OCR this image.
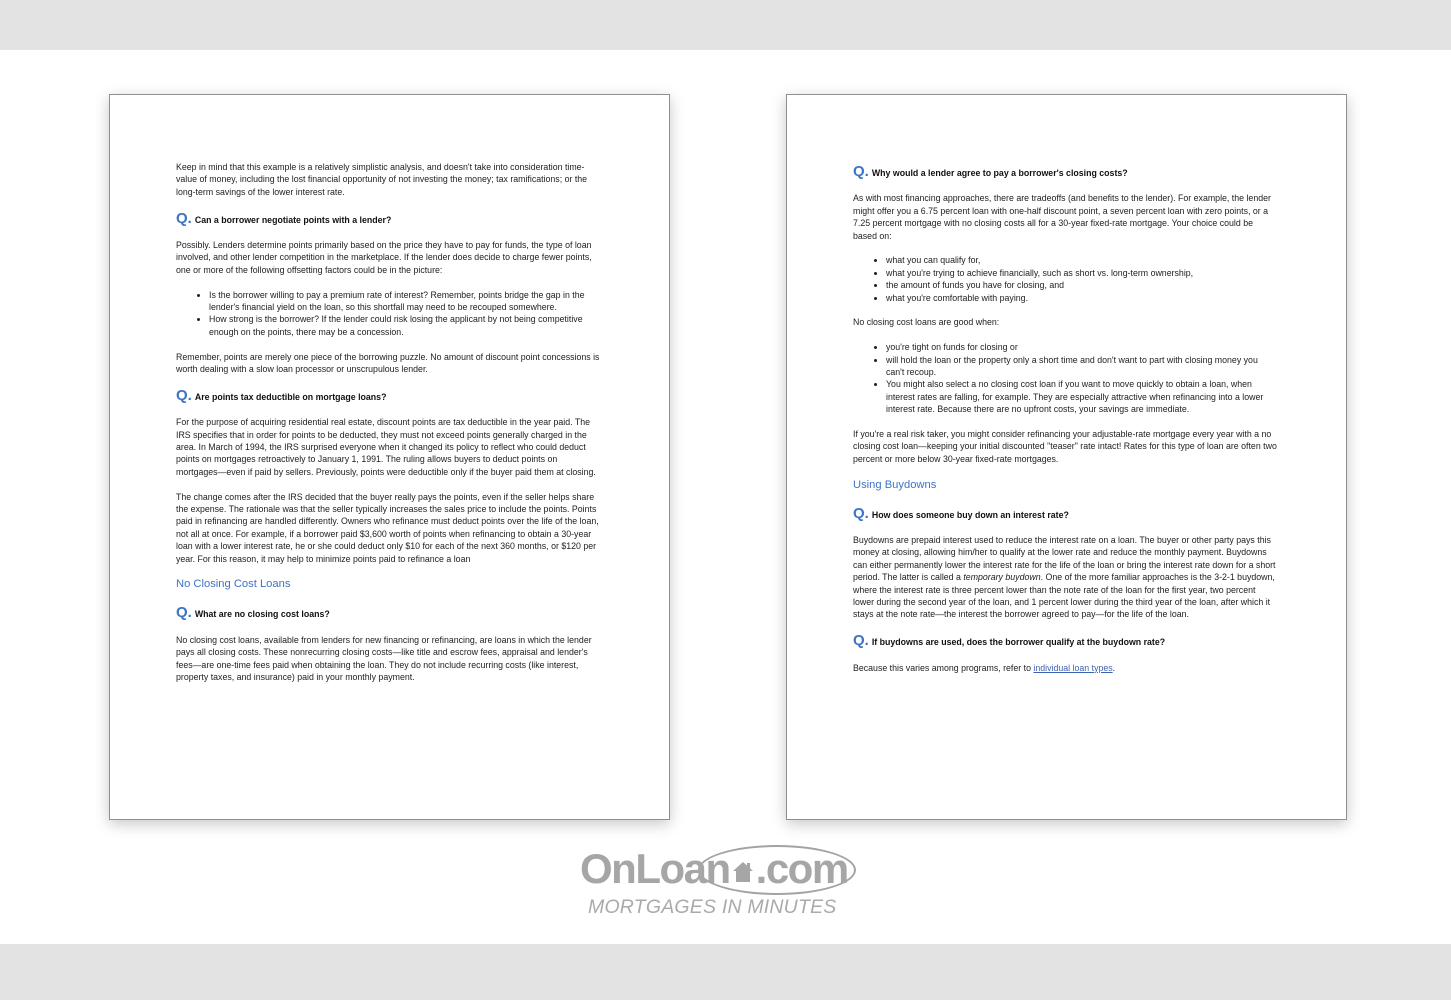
Keep in mind that this example is a relatively simplistic analysis, and doesn't take into consideration time-value of money, including the lost financial opportunity of not investing the money; tax ramifications; or the long-term savings of the lower interest rate.

Q. Can a borrower negotiate points with a lender?

Possibly. Lenders determine points primarily based on the price they have to pay for funds, the type of loan involved, and other lender competition in the marketplace. If the lender does decide to charge fewer points, one or more of the following offsetting factors could be in the picture:

• Is the borrower willing to pay a premium rate of interest? Remember, points bridge the gap in the lender's financial yield on the loan, so this shortfall may need to be recouped somewhere.
• How strong is the borrower? If the lender could risk losing the applicant by not being competitive enough on the points, there may be a concession.

Remember, points are merely one piece of the borrowing puzzle. No amount of discount point concessions is worth dealing with a slow loan processor or unscrupulous lender.

Q. Are points tax deductible on mortgage loans?

For the purpose of acquiring residential real estate, discount points are tax deductible in the year paid. The IRS specifies that in order for points to be deducted, they must not exceed points generally charged in the area. In March of 1994, the IRS surprised everyone when it changed its policy to reflect who could deduct points on mortgages retroactively to January 1, 1991. The ruling allows buyers to deduct points on mortgages—even if paid by sellers. Previously, points were deductible only if the buyer paid them at closing.

The change comes after the IRS decided that the buyer really pays the points, even if the seller helps share the expense. The rationale was that the seller typically increases the sales price to include the points. Points paid in refinancing are handled differently. Owners who refinance must deduct points over the life of the loan, not all at once. For example, if a borrower paid $3,600 worth of points when refinancing to obtain a 30-year loan with a lower interest rate, he or she could deduct only $10 for each of the next 360 months, or $120 per year. For this reason, it may help to minimize points paid to refinance a loan

No Closing Cost Loans
Q. What are no closing cost loans?

No closing cost loans, available from lenders for new financing or refinancing, are loans in which the lender pays all closing costs. These nonrecurring closing costs—like title and escrow fees, appraisal and lender's fees—are one-time fees paid when obtaining the loan. They do not include recurring costs (like interest, property taxes, and insurance) paid in your monthly payment.

Q. Why would a lender agree to pay a borrower's closing costs?

As with most financing approaches, there are tradeoffs (and benefits to the lender). For example, the lender might offer you a 6.75 percent loan with one-half discount point, a seven percent loan with zero points, or a 7.25 percent mortgage with no closing costs all for a 30-year fixed-rate mortgage. Your choice could be based on:

• what you can qualify for,
• what you're trying to achieve financially, such as short vs. long-term ownership,
• the amount of funds you have for closing, and
• what you're comfortable with paying.

No closing cost loans are good when:

• you're tight on funds for closing or
• will hold the loan or the property only a short time and don't want to part with closing money you can't recoup.
• You might also select a no closing cost loan if you want to move quickly to obtain a loan, when interest rates are falling, for example. They are especially attractive when refinancing into a lower interest rate. Because there are no upfront costs, your savings are immediate.

If you're a real risk taker, you might consider refinancing your adjustable-rate mortgage every year with a no closing cost loan—keeping your initial discounted "teaser" rate intact! Rates for this type of loan are often two percent or more below 30-year fixed-rate mortgages.

Using Buydowns
Q. How does someone buy down an interest rate?

Buydowns are prepaid interest used to reduce the interest rate on a loan. The buyer or other party pays this money at closing, allowing him/her to qualify at the lower rate and reduce the monthly payment. Buydowns can either permanently lower the interest rate for the life of the loan or bring the interest rate down for a short period. The latter is called a temporary buydown. One of the more familiar approaches is the 3-2-1 buydown, where the interest rate is three percent lower than the note rate of the loan for the first year, two percent lower during the second year of the loan, and 1 percent lower during the third year of the loan, after which it stays at the note rate—the interest the borrower agreed to pay—for the life of the loan.

Q. If buydowns are used, does the borrower qualify at the buydown rate?

Because this varies among programs, refer to individual loan types.

OnLoan .com
MORTGAGES IN MINUTES
